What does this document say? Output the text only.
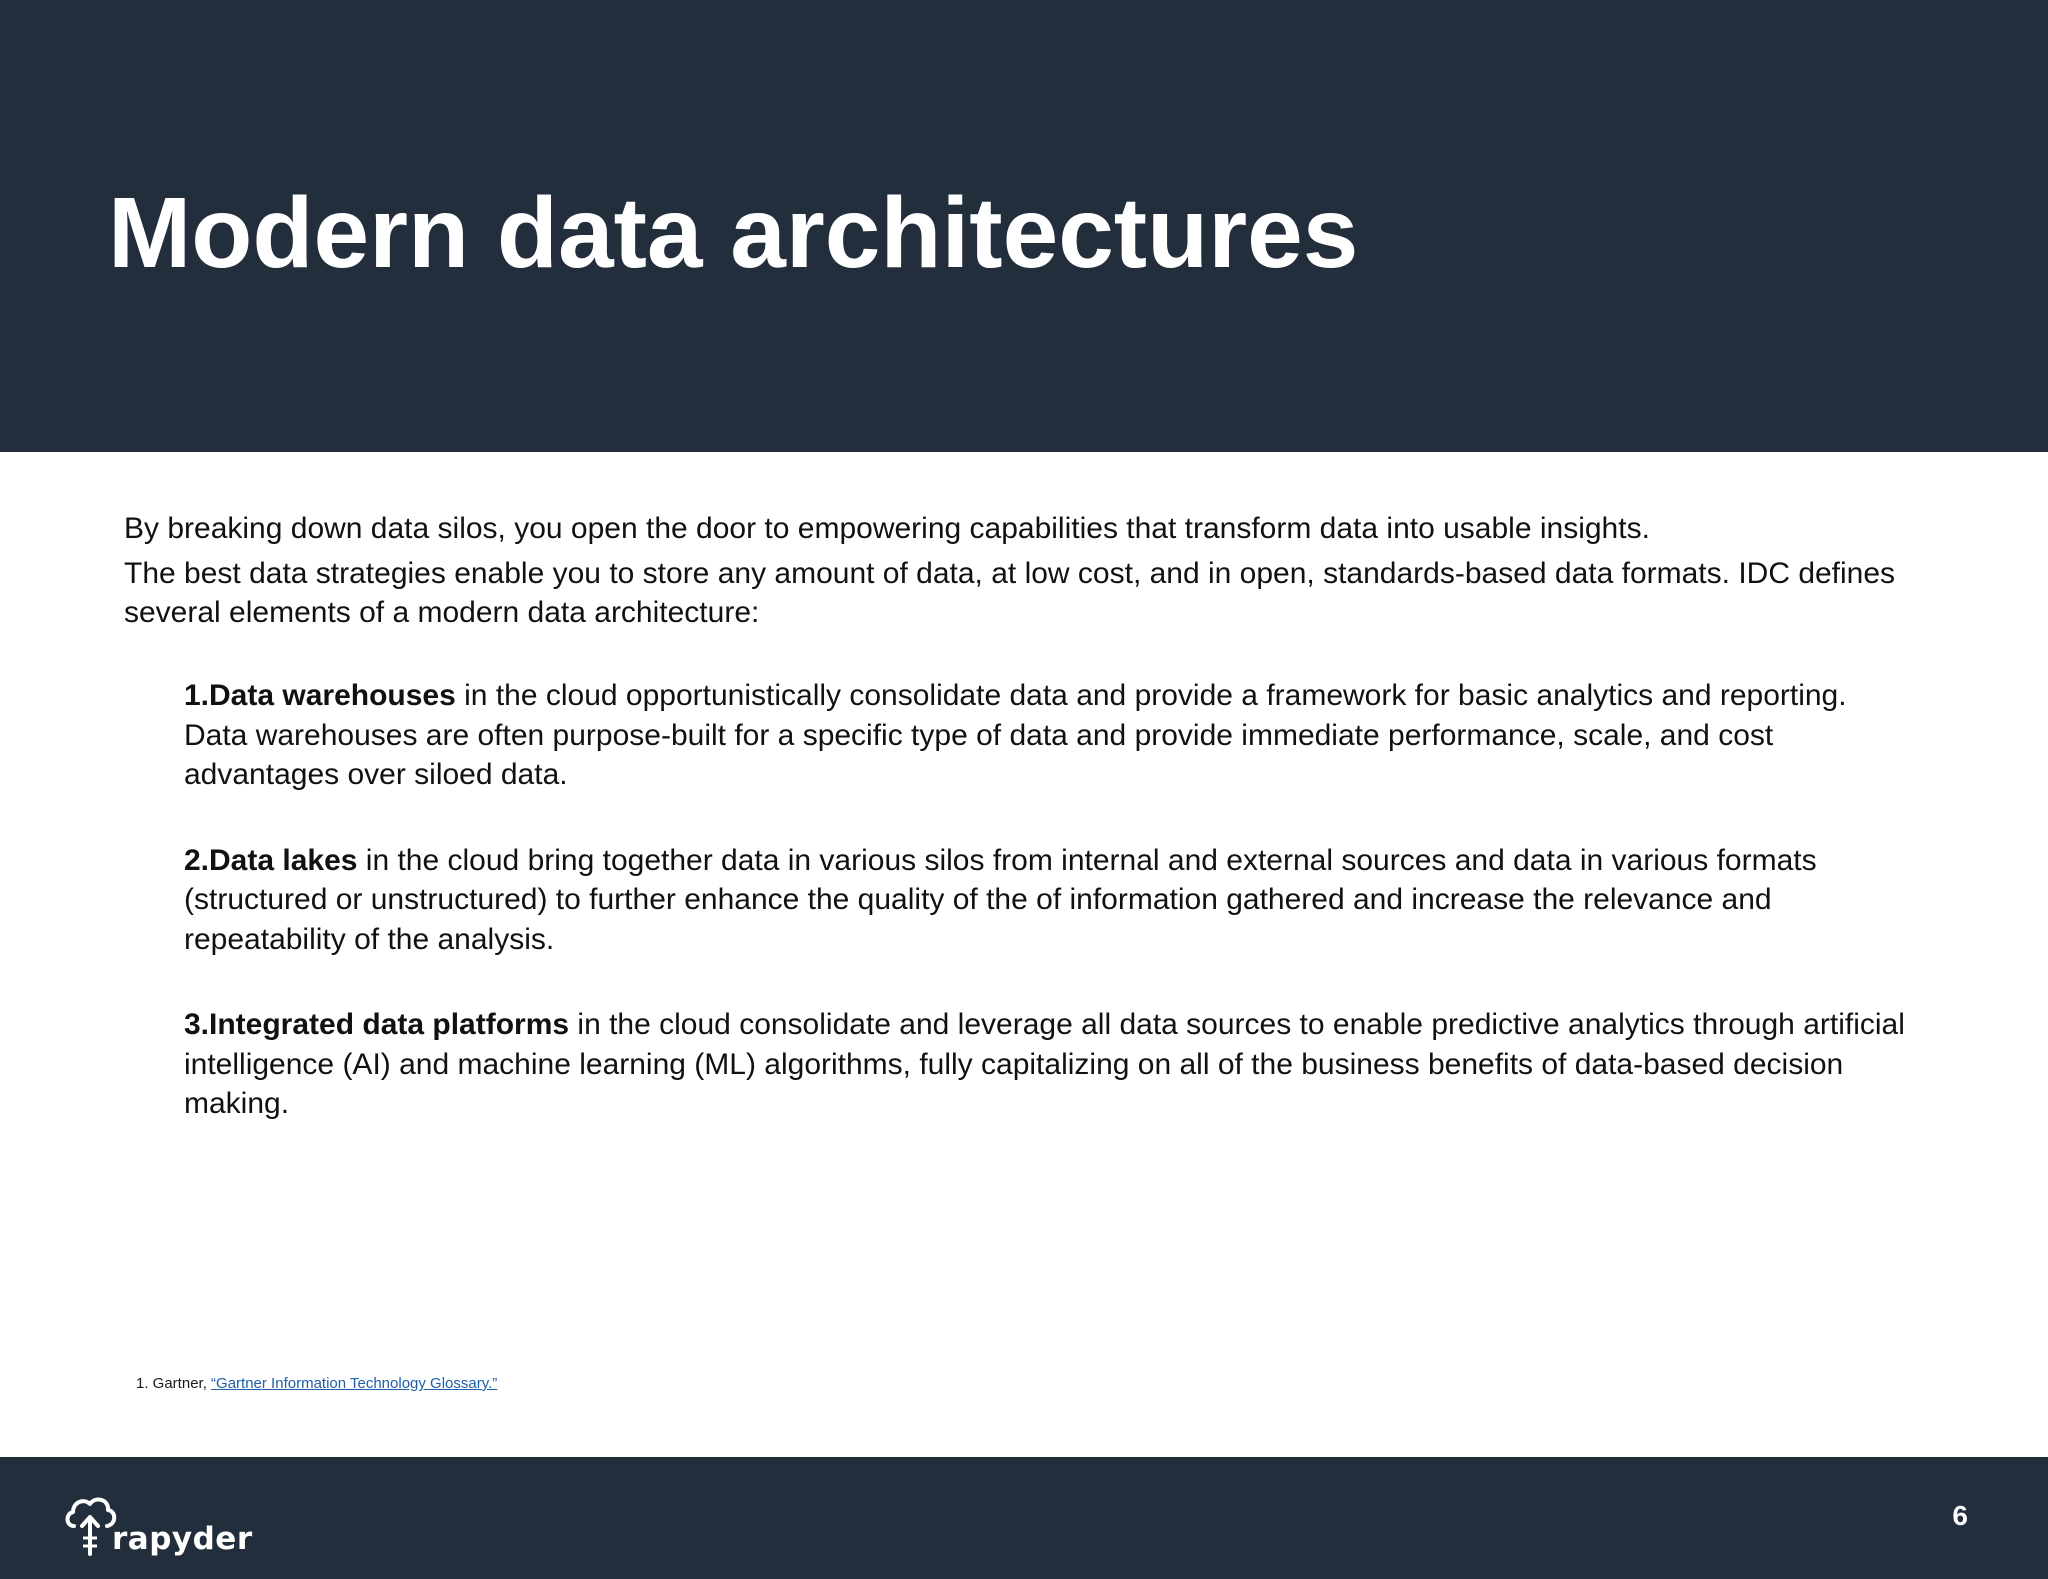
Modern data architectures

By breaking down data silos, you open the door to empowering capabilities that transform data into usable insights.

The best data strategies enable you to store any amount of data, at low cost, and in open, standards-based data formats. IDC defines several elements of a modern data architecture:

1.Data warehouses in the cloud opportunistically consolidate data and provide a framework for basic analytics and reporting. Data warehouses are often purpose-built for a specific type of data and provide immediate performance, scale, and cost advantages over siloed data.

2.Data lakes in the cloud bring together data in various silos from internal and external sources and data in various formats (structured or unstructured) to further enhance the quality of the of information gathered and increase the relevance and repeatability of the analysis.

3.Integrated data platforms in the cloud consolidate and leverage all data sources to enable predictive analytics through artificial intelligence (AI) and machine learning (ML) algorithms, fully capitalizing on all of the business benefits of data-based decision making.

1. Gartner, “Gartner Information Technology Glossary.”
rapyder
6
